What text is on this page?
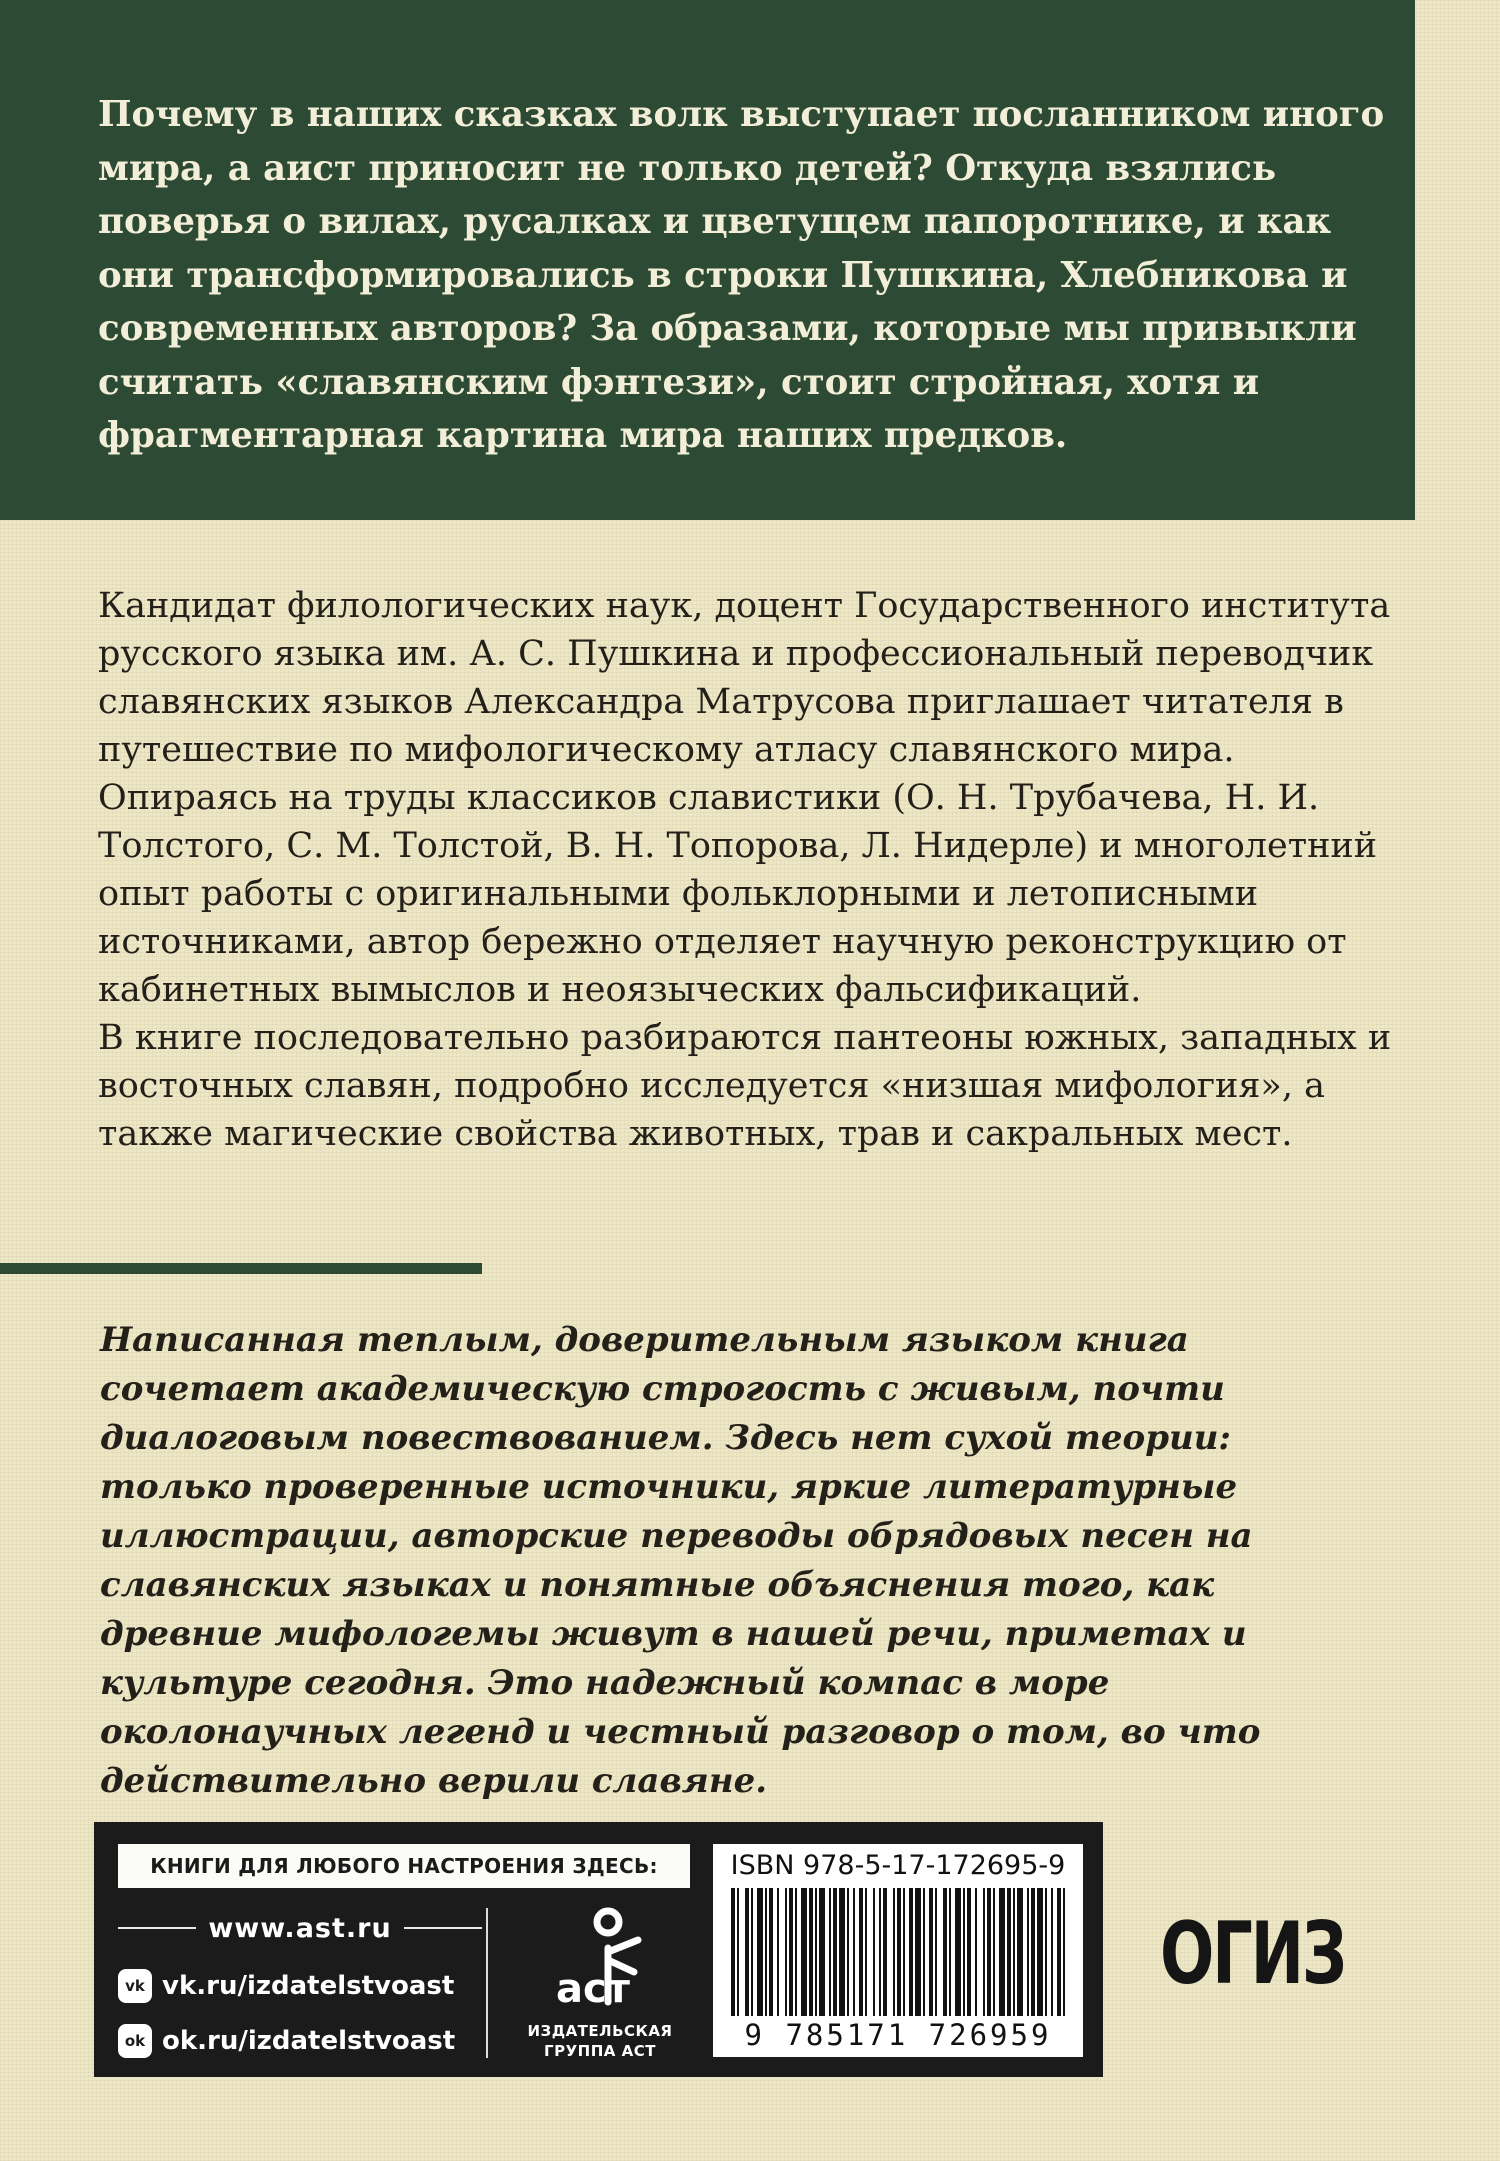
Почему в наших сказках волк выступает посланником иного мира, а аист приносит не только детей? Откуда взялись поверья о вилах, русалках и цветущем папоротнике, и как они трансформировались в строки Пушкина, Хлебникова и современных авторов? За образами, которые мы привыкли считать «славянским фэнтези», стоит стройная, хотя и фрагментарная картина мира наших предков.

Кандидат филологических наук, доцент Государственного института русского языка им. А. С. Пушкина и профессиональный переводчик славянских языков Александра Матрусова приглашает читателя в путешествие по мифологическому атласу славянского мира. Опираясь на труды классиков славистики (О. Н. Трубачева, Н. И. Толстого, С. М. Толстой, В. Н. Топорова, Л. Нидерле) и многолетний опыт работы с оригинальными фольклорными и летописными источниками, автор бережно отделяет научную реконструкцию от кабинетных вымыслов и неоязыческих фальсификаций.
В книге последовательно разбираются пантеоны южных, западных и восточных славян, подробно исследуется «низшая мифология», а также магические свойства животных, трав и сакральных мест.

Написанная теплым, доверительным языком книга сочетает академическую строгость с живым, почти диалоговым повествованием. Здесь нет сухой теории: только проверенные источники, яркие литературные иллюстрации, авторские переводы обрядовых песен на славянских языках и понятные объяснения того, как древние мифологемы живут в нашей речи, приметах и культуре сегодня. Это надежный компас в море околонаучных легенд и честный разговор о том, во что действительно верили славяне.

КНИГИ ДЛЯ ЛЮБОГО НАСТРОЕНИЯ ЗДЕСЬ:
www.ast.ru
vk vk.ru/izdatelstvoast
ok ok.ru/izdatelstvoast
аст
ИЗДАТЕЛЬСКАЯ
ГРУППА АСТ
ISBN 978-5-17-172695-9
9 785171 726959
ОГИЗ
